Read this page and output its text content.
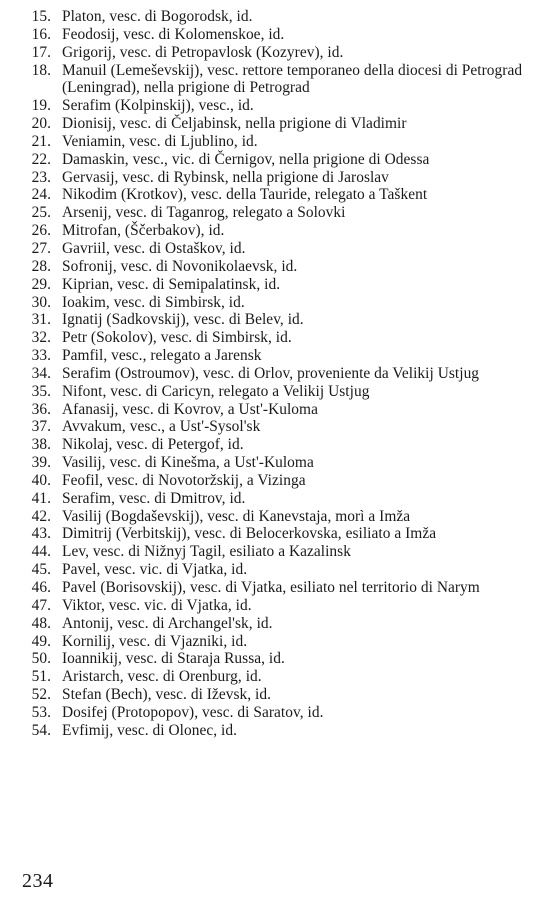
15. Platon, vesc. di Bogorodsk, id.
16. Feodosij, vesc. di Kolomenskoe, id.
17. Grigorij, vesc. di Petropavlosk (Kozyrev), id.
18. Manuil (Lemeševskij), vesc. rettore temporaneo della diocesi di Petrograd (Leningrad), nella prigione di Petrograd
19. Serafim (Kolpinskij), vesc., id.
20. Dionisij, vesc. di Čeljabinsk, nella prigione di Vladimir
21. Veniamin, vesc. di Ljublino, id.
22. Damaskin, vesc., vic. di Černigov, nella prigione di Odessa
23. Gervasij, vesc. di Rybinsk, nella prigione di Jaroslav
24. Nikodim (Krotkov), vesc. della Tauride, relegato a Taškent
25. Arsenij, vesc. di Taganrog, relegato a Solovki
26. Mitrofan, (Ščerbakov), id.
27. Gavriil, vesc. di Ostaškov, id.
28. Sofronij, vesc. di Novonikolaevsk, id.
29. Kiprian, vesc. di Semipalatinsk, id.
30. Ioakim, vesc. di Simbirsk, id.
31. Ignatij (Sadkovskij), vesc. di Belev, id.
32. Petr (Sokolov), vesc. di Simbirsk, id.
33. Pamfil, vesc., relegato a Jarensk
34. Serafim (Ostroumov), vesc. di Orlov, proveniente da Velikij Ustjug
35. Nifont, vesc. di Caricyn, relegato a Velikij Ustjug
36. Afanasij, vesc. di Kovrov, a Ust'-Kuloma
37. Avvakum, vesc., a Ust'-Sysol'sk
38. Nikolaj, vesc. di Petergof, id.
39. Vasilij, vesc. di Kinešma, a Ust'-Kuloma
40. Feofil, vesc. di Novotoržskij, a Vizinga
41. Serafim, vesc. di Dmitrov, id.
42. Vasilij (Bogdaševskij), vesc. di Kanevstaja, morì a Imža
43. Dimitrij (Verbitskij), vesc. di Belocerkovska, esiliato a Imža
44. Lev, vesc. di Nižnyj Tagil, esiliato a Kazalinsk
45. Pavel, vesc. vic. di Vjatka, id.
46. Pavel (Borisovskij), vesc. di Vjatka, esiliato nel territorio di Narym
47. Viktor, vesc. vic. di Vjatka, id.
48. Antonij, vesc. di Archangel'sk, id.
49. Kornilij, vesc. di Vjazniki, id.
50. Ioannikij, vesc. di Staraja Russa, id.
51. Aristarch, vesc. di Orenburg, id.
52. Stefan (Bech), vesc. di Iževsk, id.
53. Dosifej (Protopopov), vesc. di Saratov, id.
54. Evfimij, vesc. di Olonec, id.
234
